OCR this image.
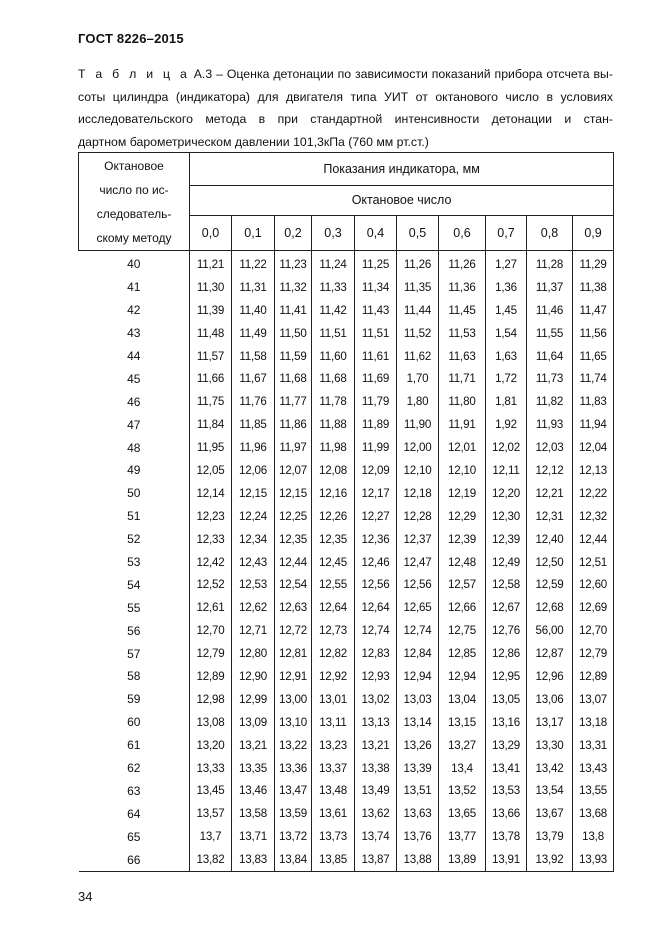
ГОСТ 8226–2015
Т а б л и ц а А.3 – Оценка детонации по зависимости показаний прибора отсчета вы-
соты цилиндра (индикатора) для двигателя типа УИТ от октанового число в условиях
исследовательского метода в при стандартной интенсивности детонации и стан-
дартном барометрическом давлении 101,3кПа (760 мм рт.ст.)
Октановое
число по ис-
следователь-
скому методу	Показания индикатора, мм									
	Октановое число									
	0,0	0,1	0,2	0,3	0,4	0,5	0,6	0,7	0,8	0,9
40	11,21	11,22	11,23	11,24	11,25	11,26	11,26	1,27	11,28	11,29
41	11,30	11,31	11,32	11,33	11,34	11,35	11,36	1,36	11,37	11,38
42	11,39	11,40	11,41	11,42	11,43	11,44	11,45	1,45	11,46	11,47
43	11,48	11,49	11,50	11,51	11,51	11,52	11,53	1,54	11,55	11,56
44	11,57	11,58	11,59	11,60	11,61	11,62	11,63	1,63	11,64	11,65
45	11,66	11,67	11,68	11,68	11,69	1,70	11,71	1,72	11,73	11,74
46	11,75	11,76	11,77	11,78	11,79	1,80	11,80	1,81	11,82	11,83
47	11,84	11,85	11,86	11,88	11,89	11,90	11,91	1,92	11,93	11,94
48	11,95	11,96	11,97	11,98	11,99	12,00	12,01	12,02	12,03	12,04
49	12,05	12,06	12,07	12,08	12,09	12,10	12,10	12,11	12,12	12,13
50	12,14	12,15	12,15	12,16	12,17	12,18	12,19	12,20	12,21	12,22
51	12,23	12,24	12,25	12,26	12,27	12,28	12,29	12,30	12,31	12,32
52	12,33	12,34	12,35	12,35	12,36	12,37	12,39	12,39	12,40	12,44
53	12,42	12,43	12,44	12,45	12,46	12,47	12,48	12,49	12,50	12,51
54	12,52	12,53	12,54	12,55	12,56	12,56	12,57	12,58	12,59	12,60
55	12,61	12,62	12,63	12,64	12,64	12,65	12,66	12,67	12,68	12,69
56	12,70	12,71	12,72	12,73	12,74	12,74	12,75	12,76	56,00	12,70
57	12,79	12,80	12,81	12,82	12,83	12,84	12,85	12,86	12,87	12,79
58	12,89	12,90	12,91	12,92	12,93	12,94	12,94	12,95	12,96	12,89
59	12,98	12,99	13,00	13,01	13,02	13,03	13,04	13,05	13,06	13,07
60	13,08	13,09	13,10	13,11	13,13	13,14	13,15	13,16	13,17	13,18
61	13,20	13,21	13,22	13,23	13,21	13,26	13,27	13,29	13,30	13,31
62	13,33	13,35	13,36	13,37	13,38	13,39	13,4	13,41	13,42	13,43
63	13,45	13,46	13,47	13,48	13,49	13,51	13,52	13,53	13,54	13,55
64	13,57	13,58	13,59	13,61	13,62	13,63	13,65	13,66	13,67	13,68
65	13,7	13,71	13,72	13,73	13,74	13,76	13,77	13,78	13,79	13,8
66	13,82	13,83	13,84	13,85	13,87	13,88	13,89	13,91	13,92	13,93
34
